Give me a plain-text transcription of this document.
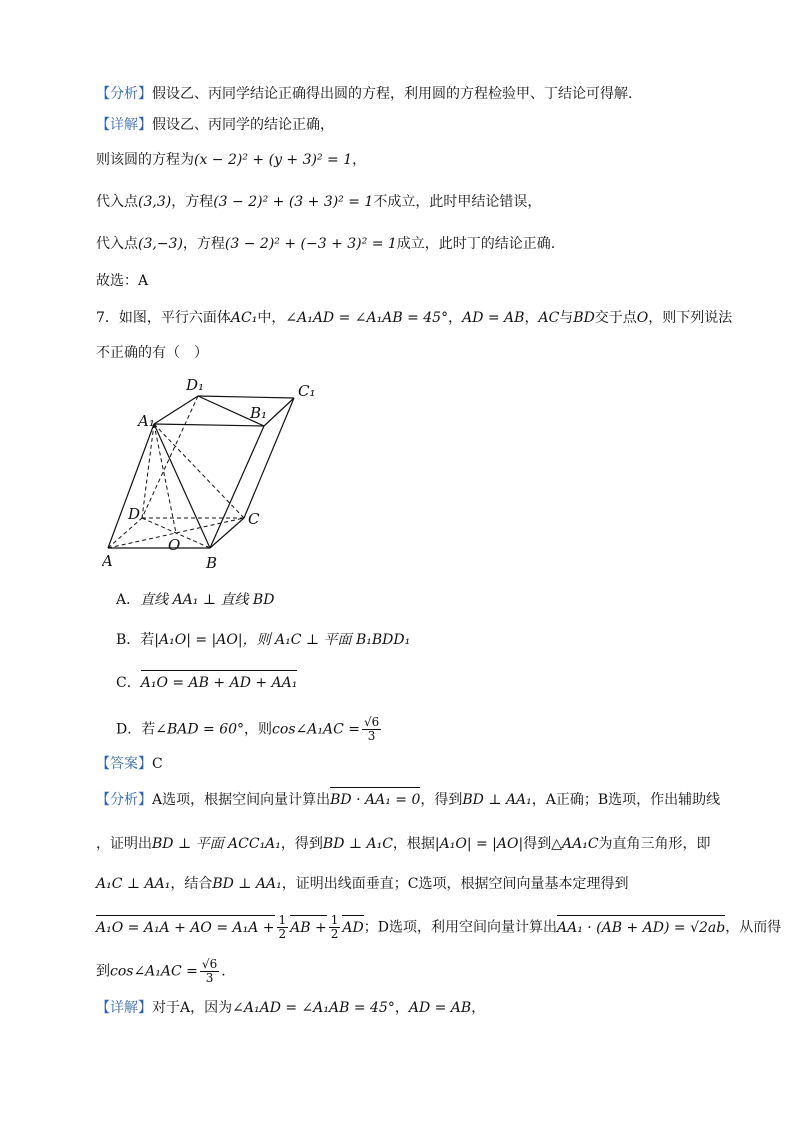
【分析】假设乙、丙同学结论正确得出圆的方程，利用圆的方程检验甲、丁结论可得解.
【详解】假设乙、丙同学的结论正确，
则该圆的方程为(x − 2)² + (y + 3)² = 1，
代入点(3,3)，方程(3 − 2)² + (3 + 3)² = 1不成立，此时甲结论错误，
代入点(3,−3)，方程(3 − 2)² + (−3 + 3)² = 1成立，此时丁的结论正确.
故选：A
7．如图，平行六面体AC₁中，∠A₁AD = ∠A₁AB = 45°，AD = AB，AC与BD交于点O，则下列说法
不正确的有（　）
D₁	C₁
A₁	B₁
D	C
A	B
O
A．直线 AA₁ ⊥ 直线 BD
B．若|A₁O| = |AO|，则 A₁C ⊥ 平面 B₁BDD₁
C．A₁O = AB + AD + AA₁
D．若∠BAD = 60°，则cos∠A₁AC = $\frac{√6}{3}$
【答案】C
【分析】A选项，根据空间向量计算出BD · AA₁ = 0，得到BD ⊥ AA₁，A正确；B选项，作出辅助线
，证明出BD ⊥ 平面 ACC₁A₁，得到BD ⊥ A₁C，根据|A₁O| = |AO|得到△AA₁C为直角三角形，即
A₁C ⊥ AA₁，结合BD ⊥ AA₁，证明出线面垂直；C选项，根据空间向量基本定理得到
A₁O = A₁A + AO = $A_1A + \frac{1}{2}$ AB + $\frac{1}{2}$ AD；D选项，利用空间向量计算出AA₁ · (AB + AD) = √2ab，从而得
到cos∠A₁AC = $\frac{√6}{3}$ .
【详解】对于A，因为∠A₁AD = ∠A₁AB = 45°，AD = AB，
